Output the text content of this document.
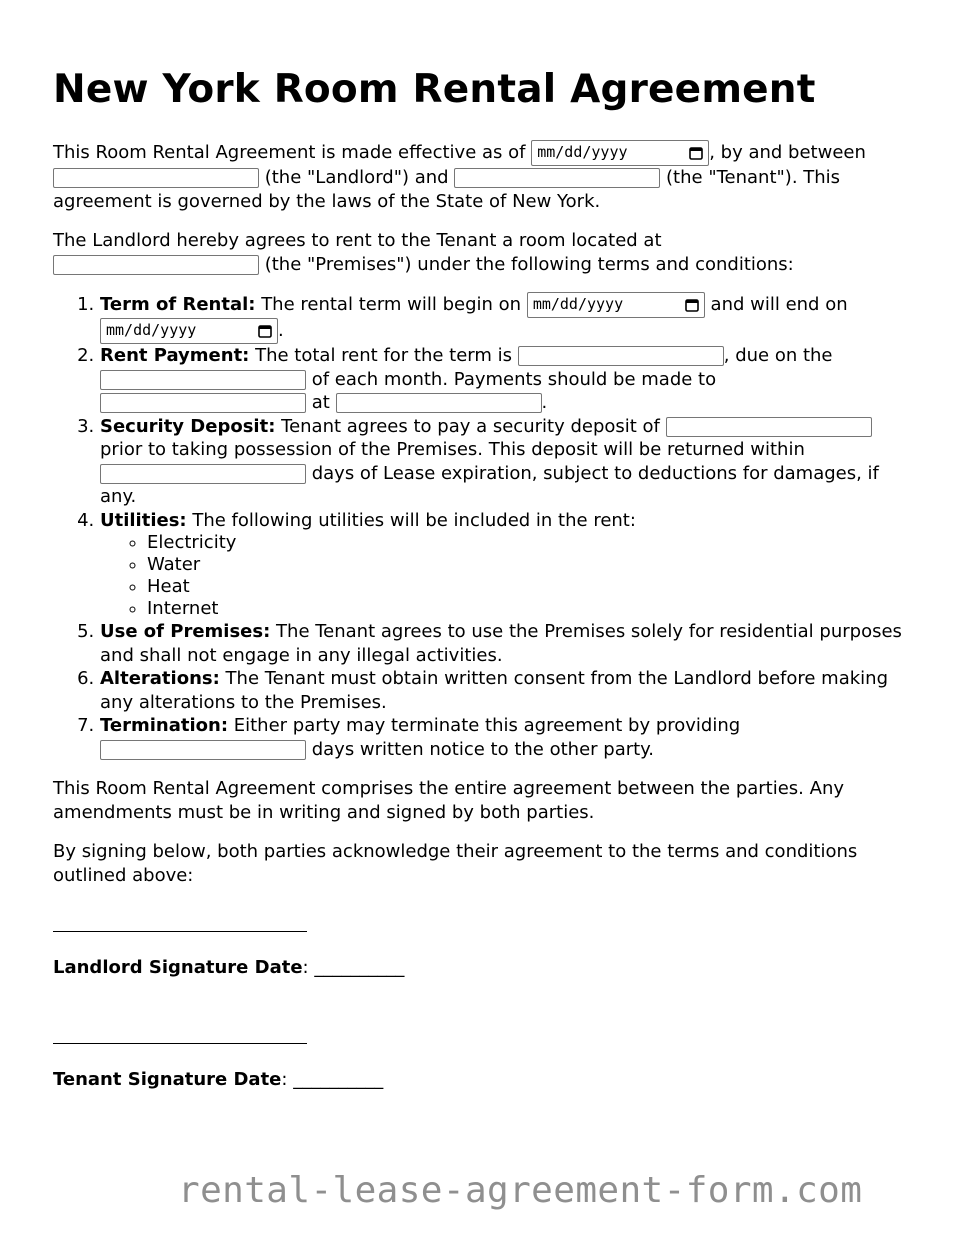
New York Room Rental Agreement

This Room Rental Agreement is made effective as of mm/dd/yyyy	, by and between
(the "Landlord") and	(the "Tenant"). This agreement is governed by the laws of the State of New York.

The Landlord hereby agrees to rent to the Tenant a room located at
(the "Premises") under the following terms and conditions:

1. Term of Rental: The rental term will begin on mm/dd/yyyy	and will end on

mm/dd/yyyy	.
2. Rent Payment: The total rent for the term is	, due on the
of each month. Payments should be made to
at	.
3. Security Deposit: Tenant agrees to pay a security deposit of  prior to taking possession of the Premises. This deposit will be returned within
days of Lease expiration, subject to deductions for damages, if any.
4. Utilities: The following utilities will be included in the rent:
◦ Electricity
◦ Water
◦ Heat
◦ Internet
5. Use of Premises: The Tenant agrees to use the Premises solely for residential purposes and shall not engage in any illegal activities.
6. Alterations: The Tenant must obtain written consent from the Landlord before making any alterations to the Premises.
7. Termination: Either party may terminate this agreement by providing
days written notice to the other party.

This Room Rental Agreement comprises the entire agreement between the parties. Any amendments must be in writing and signed by both parties.

By signing below, both parties acknowledge their agreement to the terms and conditions outlined above:

Landlord Signature Date: __________
Tenant Signature Date: __________
rental-lease-agreement-form.com
